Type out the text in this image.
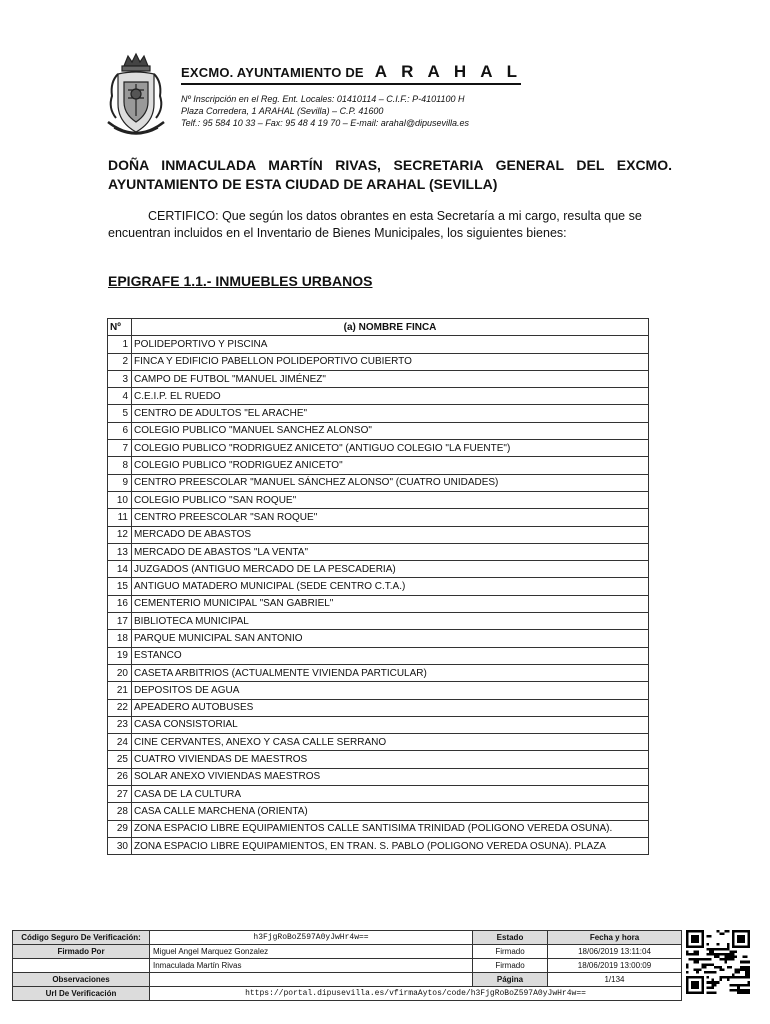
EXCMO. AYUNTAMIENTO DE A R A H A L
Nº Inscripción en el Reg. Ent. Locales: 01410114 – C.I.F.: P-4101100 H
Plaza Corredera, 1 ARAHAL (Sevilla) – C.P. 41600
Telf.: 95 584 10 33 – Fax: 95 48 4 19 70 – E-mail: arahal@dipusevilla.es
DOÑA INMACULADA MARTÍN RIVAS, SECRETARIA GENERAL DEL EXCMO. AYUNTAMIENTO DE ESTA CIUDAD DE ARAHAL (SEVILLA)
CERTIFICO: Que según los datos obrantes en esta Secretaría a mi cargo, resulta que se encuentran incluidos en el Inventario de Bienes Municipales, los siguientes bienes:
EPIGRAFE 1.1.- INMUEBLES URBANOS
Nº	(a) NOMBRE FINCA
1	POLIDEPORTIVO Y PISCINA
2	FINCA Y EDIFICIO PABELLON POLIDEPORTIVO CUBIERTO
3	CAMPO DE FUTBOL "MANUEL JIMÉNEZ"
4	C.E.I.P. EL RUEDO
5	CENTRO DE ADULTOS "EL ARACHE"
6	COLEGIO PUBLICO "MANUEL SANCHEZ ALONSO"
7	COLEGIO PUBLICO "RODRIGUEZ ANICETO" (ANTIGUO COLEGIO "LA FUENTE")
8	COLEGIO PUBLICO "RODRIGUEZ ANICETO"
9	CENTRO PREESCOLAR "MANUEL SÁNCHEZ ALONSO" (CUATRO UNIDADES)
10	COLEGIO PUBLICO "SAN ROQUE"
11	CENTRO PREESCOLAR "SAN ROQUE"
12	MERCADO DE ABASTOS
13	MERCADO DE ABASTOS "LA VENTA"
14	JUZGADOS (ANTIGUO MERCADO DE LA PESCADERIA)
15	ANTIGUO MATADERO MUNICIPAL (SEDE CENTRO C.T.A.)
16	CEMENTERIO MUNICIPAL "SAN GABRIEL"
17	BIBLIOTECA MUNICIPAL
18	PARQUE MUNICIPAL SAN ANTONIO
19	ESTANCO
20	CASETA ARBITRIOS (ACTUALMENTE VIVIENDA PARTICULAR)
21	DEPOSITOS DE AGUA
22	APEADERO AUTOBUSES
23	CASA CONSISTORIAL
24	CINE CERVANTES, ANEXO Y CASA CALLE SERRANO
25	CUATRO VIVIENDAS DE MAESTROS
26	SOLAR ANEXO VIVIENDAS MAESTROS
27	CASA DE LA CULTURA
28	CASA CALLE MARCHENA (ORIENTA)
29	ZONA ESPACIO LIBRE EQUIPAMIENTOS CALLE SANTISIMA TRINIDAD (POLIGONO VEREDA OSUNA).
30	ZONA ESPACIO LIBRE EQUIPAMIENTOS, EN TRAN. S. PABLO (POLIGONO VEREDA OSUNA). PLAZA
Código Seguro De Verificación:	h3FjgRoBoZ597A0yJwHr4w==	Estado	Fecha y hora
Firmado Por	Miguel Angel Marquez Gonzalez	Firmado	18/06/2019 13:11:04
	Inmaculada Martín Rivas	Firmado	18/06/2019 13:00:09
Observaciones		Página	1/134
Url De Verificación	https://portal.dipusevilla.es/vfirmaAytos/code/h3FjgRoBoZ597A0yJwHr4w==		
